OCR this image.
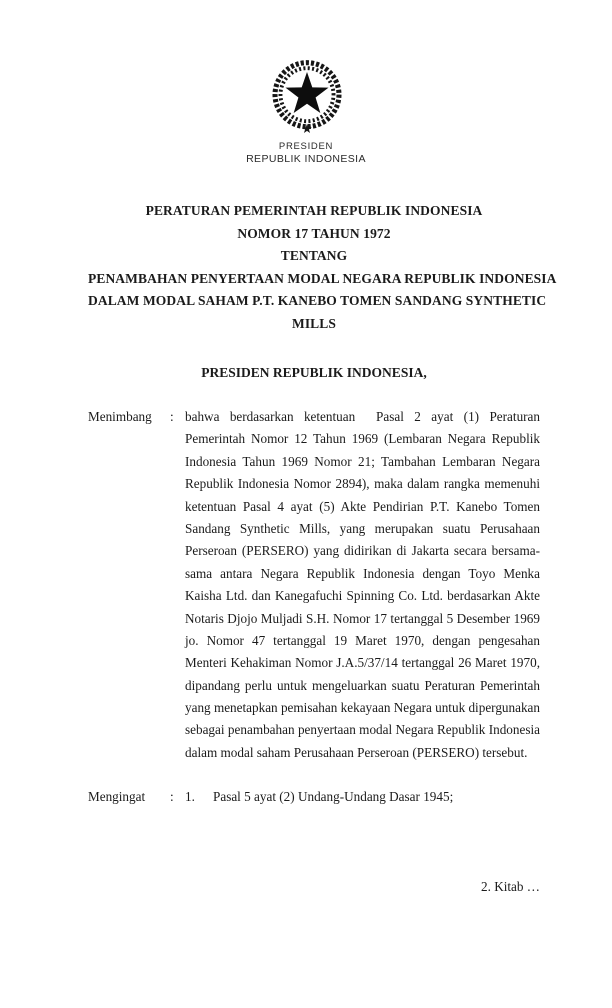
PRESIDEN
REPUBLIK INDONESIA
PERATURAN PEMERINTAH REPUBLIK INDONESIA
NOMOR 17 TAHUN 1972
TENTANG
PENAMBAHAN PENYERTAAN MODAL NEGARA REPUBLIK INDONESIA
DALAM MODAL SAHAM P.T. KANEBO TOMEN SANDANG SYNTHETIC
MILLS
PRESIDEN REPUBLIK INDONESIA,
Menimbang	: bahwa berdasarkan ketentuan  Pasal 2 ayat (1) Peraturan
Pemerintah Nomor 12 Tahun 1969 (Lembaran Negara Republik
Indonesia Tahun 1969 Nomor 21; Tambahan Lembaran Negara
Republik Indonesia Nomor 2894), maka dalam rangka memenuhi
ketentuan Pasal 4 ayat (5) Akte Pendirian P.T. Kanebo Tomen
Sandang Synthetic Mills, yang merupakan suatu Perusahaan
Perseroan (PERSERO) yang didirikan di Jakarta secara bersama-
sama antara Negara Republik Indonesia dengan Toyo Menka
Kaisha Ltd. dan Kanegafuchi Spinning Co. Ltd. berdasarkan Akte
Notaris Djojo Muljadi S.H. Nomor 17 tertanggal 5 Desember 1969
jo. Nomor 47 tertanggal 19 Maret 1970, dengan pengesahan
Menteri Kehakiman Nomor J.A.5/37/14 tertanggal 26 Maret 1970,
dipandang perlu untuk mengeluarkan suatu Peraturan Pemerintah
yang menetapkan pemisahan kekayaan Negara untuk dipergunakan
sebagai penambahan penyertaan modal Negara Republik Indonesia
dalam modal saham Perusahaan Perseroan (PERSERO) tersebut.
Mengingat	: 1.	Pasal 5 ayat (2) Undang-Undang Dasar 1945;
2. Kitab …
